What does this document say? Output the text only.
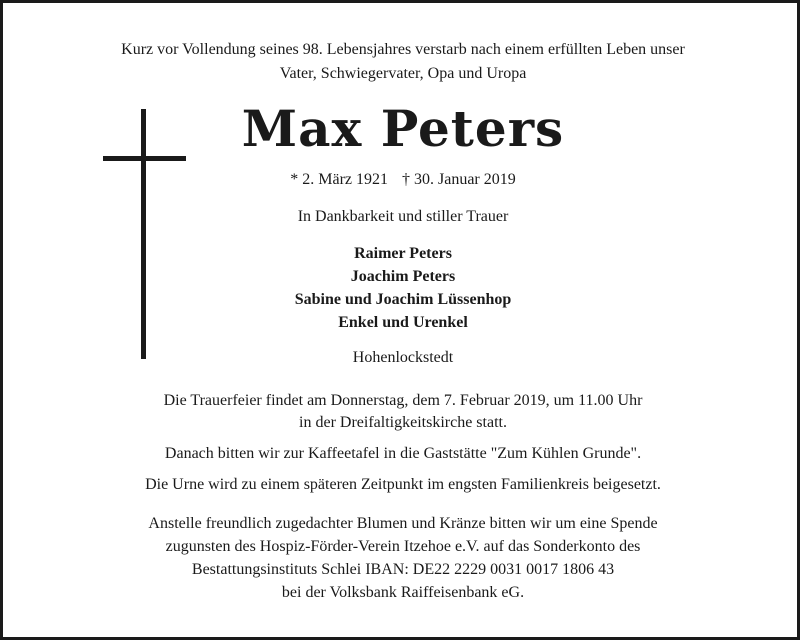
Kurz vor Vollendung seines 98. Lebensjahres verstarb nach einem erfüllten Leben unser
Vater, Schwiegervater, Opa und Uropa
Max Peters
* 2. März 1921 † 30. Januar 2019
In Dankbarkeit und stiller Trauer
Raimer Peters
Joachim Peters
Sabine und Joachim Lüssenhop
Enkel und Urenkel
Hohenlockstedt
Die Trauerfeier findet am Donnerstag, dem 7. Februar 2019, um 11.00 Uhr
in der Dreifaltigkeitskirche statt.
Danach bitten wir zur Kaffeetafel in die Gaststätte "Zum Kühlen Grunde".
Die Urne wird zu einem späteren Zeitpunkt im engsten Familienkreis beigesetzt.
Anstelle freundlich zugedachter Blumen und Kränze bitten wir um eine Spende
zugunsten des Hospiz-Förder-Verein Itzehoe e.V. auf das Sonderkonto des
Bestattungsinstituts Schlei IBAN: DE22 2229 0031 0017 1806 43
bei der Volksbank Raiffeisenbank eG.
